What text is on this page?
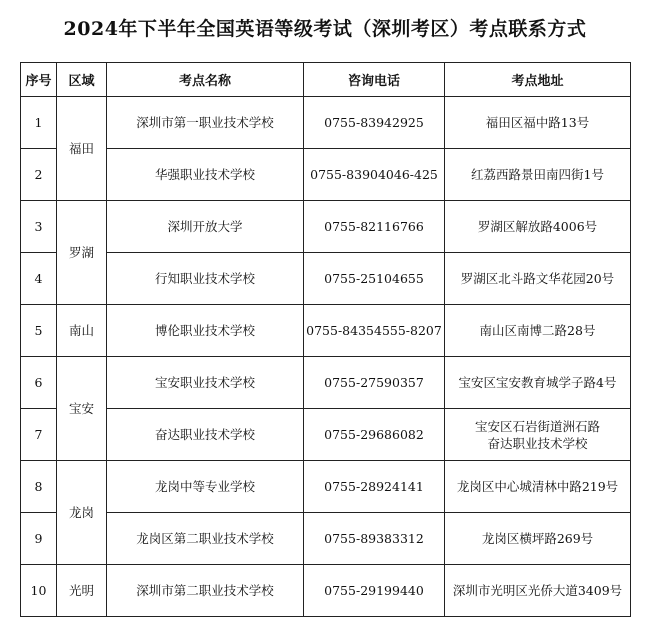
2024年下半年全国英语等级考试（深圳考区）考点联系方式
序号	区域	考点名称	咨询电话	考点地址
1	福田	深圳市第一职业技术学校	0755-83942925	福田区福中路13号

2		华强职业技术学校	0755-83904046-425	红荔西路景田南四街1号

3	罗湖	深圳开放大学	0755-82116766	罗湖区解放路4006号

4		行知职业技术学校	0755-25104655	罗湖区北斗路文华花园20号

5	南山	博伦职业技术学校	0755-84354555-8207	南山区南博二路28号

6	宝安	宝安职业技术学校	0755-27590357	宝安区宝安教育城学子路4号

7		奋达职业技术学校	0755-29686082	宝安区石岩街道洲石路
奋达职业技术学校

8	龙岗	龙岗中等专业学校	0755-28924141	龙岗区中心城清林中路219号

9		龙岗区第二职业技术学校	0755-89383312	龙岗区横坪路269号

10	光明	深圳市第二职业技术学校	0755-29199440	深圳市光明区光侨大道3409号
